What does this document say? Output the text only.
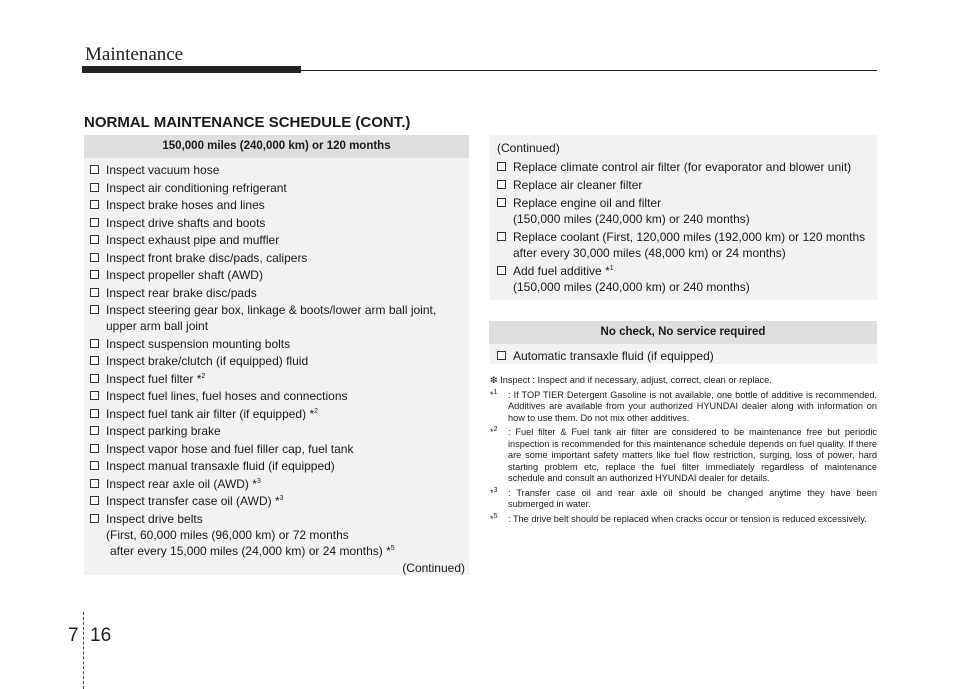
Maintenance
NORMAL MAINTENANCE SCHEDULE (CONT.)
150,000 miles (240,000 km) or 120 months
Inspect vacuum hose
Inspect air conditioning refrigerant
Inspect brake hoses and lines
Inspect drive shafts and boots
Inspect exhaust pipe and muffler
Inspect front brake disc/pads, calipers
Inspect propeller shaft (AWD)
Inspect rear brake disc/pads
Inspect steering gear box, linkage & boots/lower arm ball joint,
upper arm ball joint
Inspect suspension mounting bolts
Inspect brake/clutch (if equipped) fluid
Inspect fuel filter *$^2$
Inspect fuel lines, fuel hoses and connections
Inspect fuel tank air filter (if equipped) *$^2$
Inspect parking brake
Inspect vapor hose and fuel filler cap, fuel tank
Inspect manual transaxle fluid (if equipped)
Inspect rear axle oil (AWD) *$^3$
Inspect transfer case oil (AWD) *$^3$
Inspect drive belts
(First, 60,000 miles (96,000 km) or 72 months
after every 15,000 miles (24,000 km) or 24 months) *$^5$
(Continued)
(Continued)
Replace climate control air filter (for evaporator and blower unit)
Replace air cleaner filter
Replace engine oil and filter
(150,000 miles (240,000 km) or 240 months)
Replace coolant (First, 120,000 miles (192,000 km) or 120 months
after every 30,000 miles (48,000 km) or 24 months)
Add fuel additive *$^1$
(150,000 miles (240,000 km) or 240 months)
No check, No service required
Automatic transaxle fluid (if equipped)
❇ Inspect : Inspect and if necessary, adjust, correct, clean or replace.
*$^1$ : If TOP TIER Detergent Gasoline is not available, one bottle of additive is recommended. Additives are available from your authorized HYUNDAI dealer along with information on how to use them. Do not mix other additives.
*$^2$ : Fuel filter & Fuel tank air filter are considered to be maintenance free but periodic inspection is recommended for this maintenance schedule depends on fuel quality. If there are some important safety matters like fuel flow restriction, surging, loss of power, hard starting problem etc, replace the fuel filter immediately regardless of maintenance schedule and consult an authorized HYUNDAI dealer for details.
*$^3$ : Transfer case oil and rear axle oil should be changed anytime they have been submerged in water.
*$^5$ : The drive belt should be replaced when cracks occur or tension is reduced excessively.
7 16
